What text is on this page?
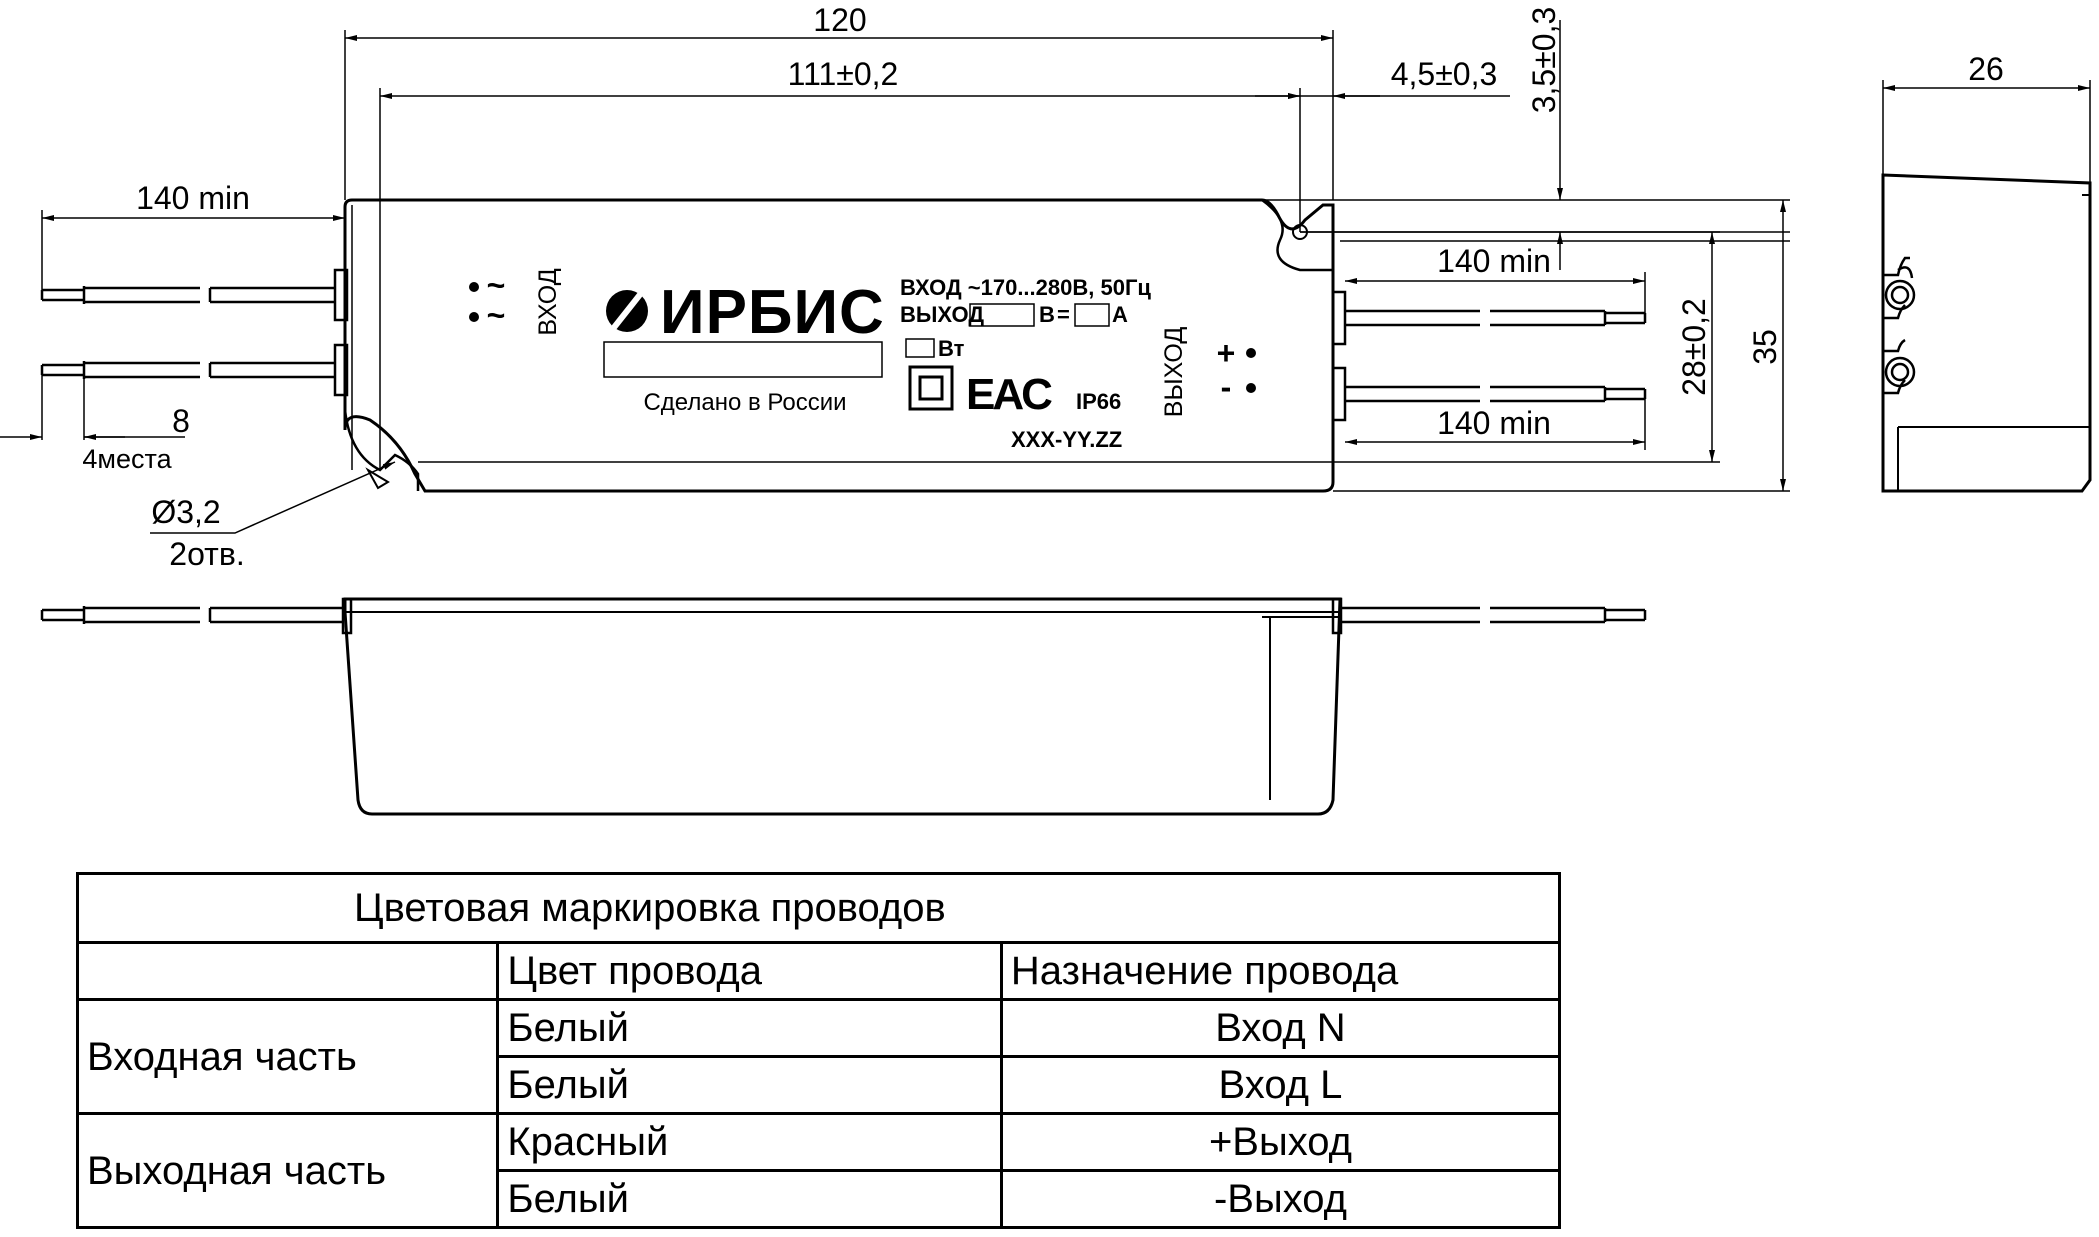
120
111±0,2	4,5±0,3 3,5±0,3
140 min
140 min
140 min
8
4места
Ø3,2
2отв.
28±0,2 35
26
~
~ ВХОД ИРБИС
Сделано в России
ВХОД ~170...280В, 50Гц
ВЫХОД В = А
Вт
EAC IP66
XXX-YY.ZZ
ВЫХОД +
-
Цветовая маркировка проводов		
	Цвет провода	Назначение провода
Входная часть	Белый	Вход N
	Белый	Вход L
Выходная часть	Красный	+Выход
	Белый	-Выход
